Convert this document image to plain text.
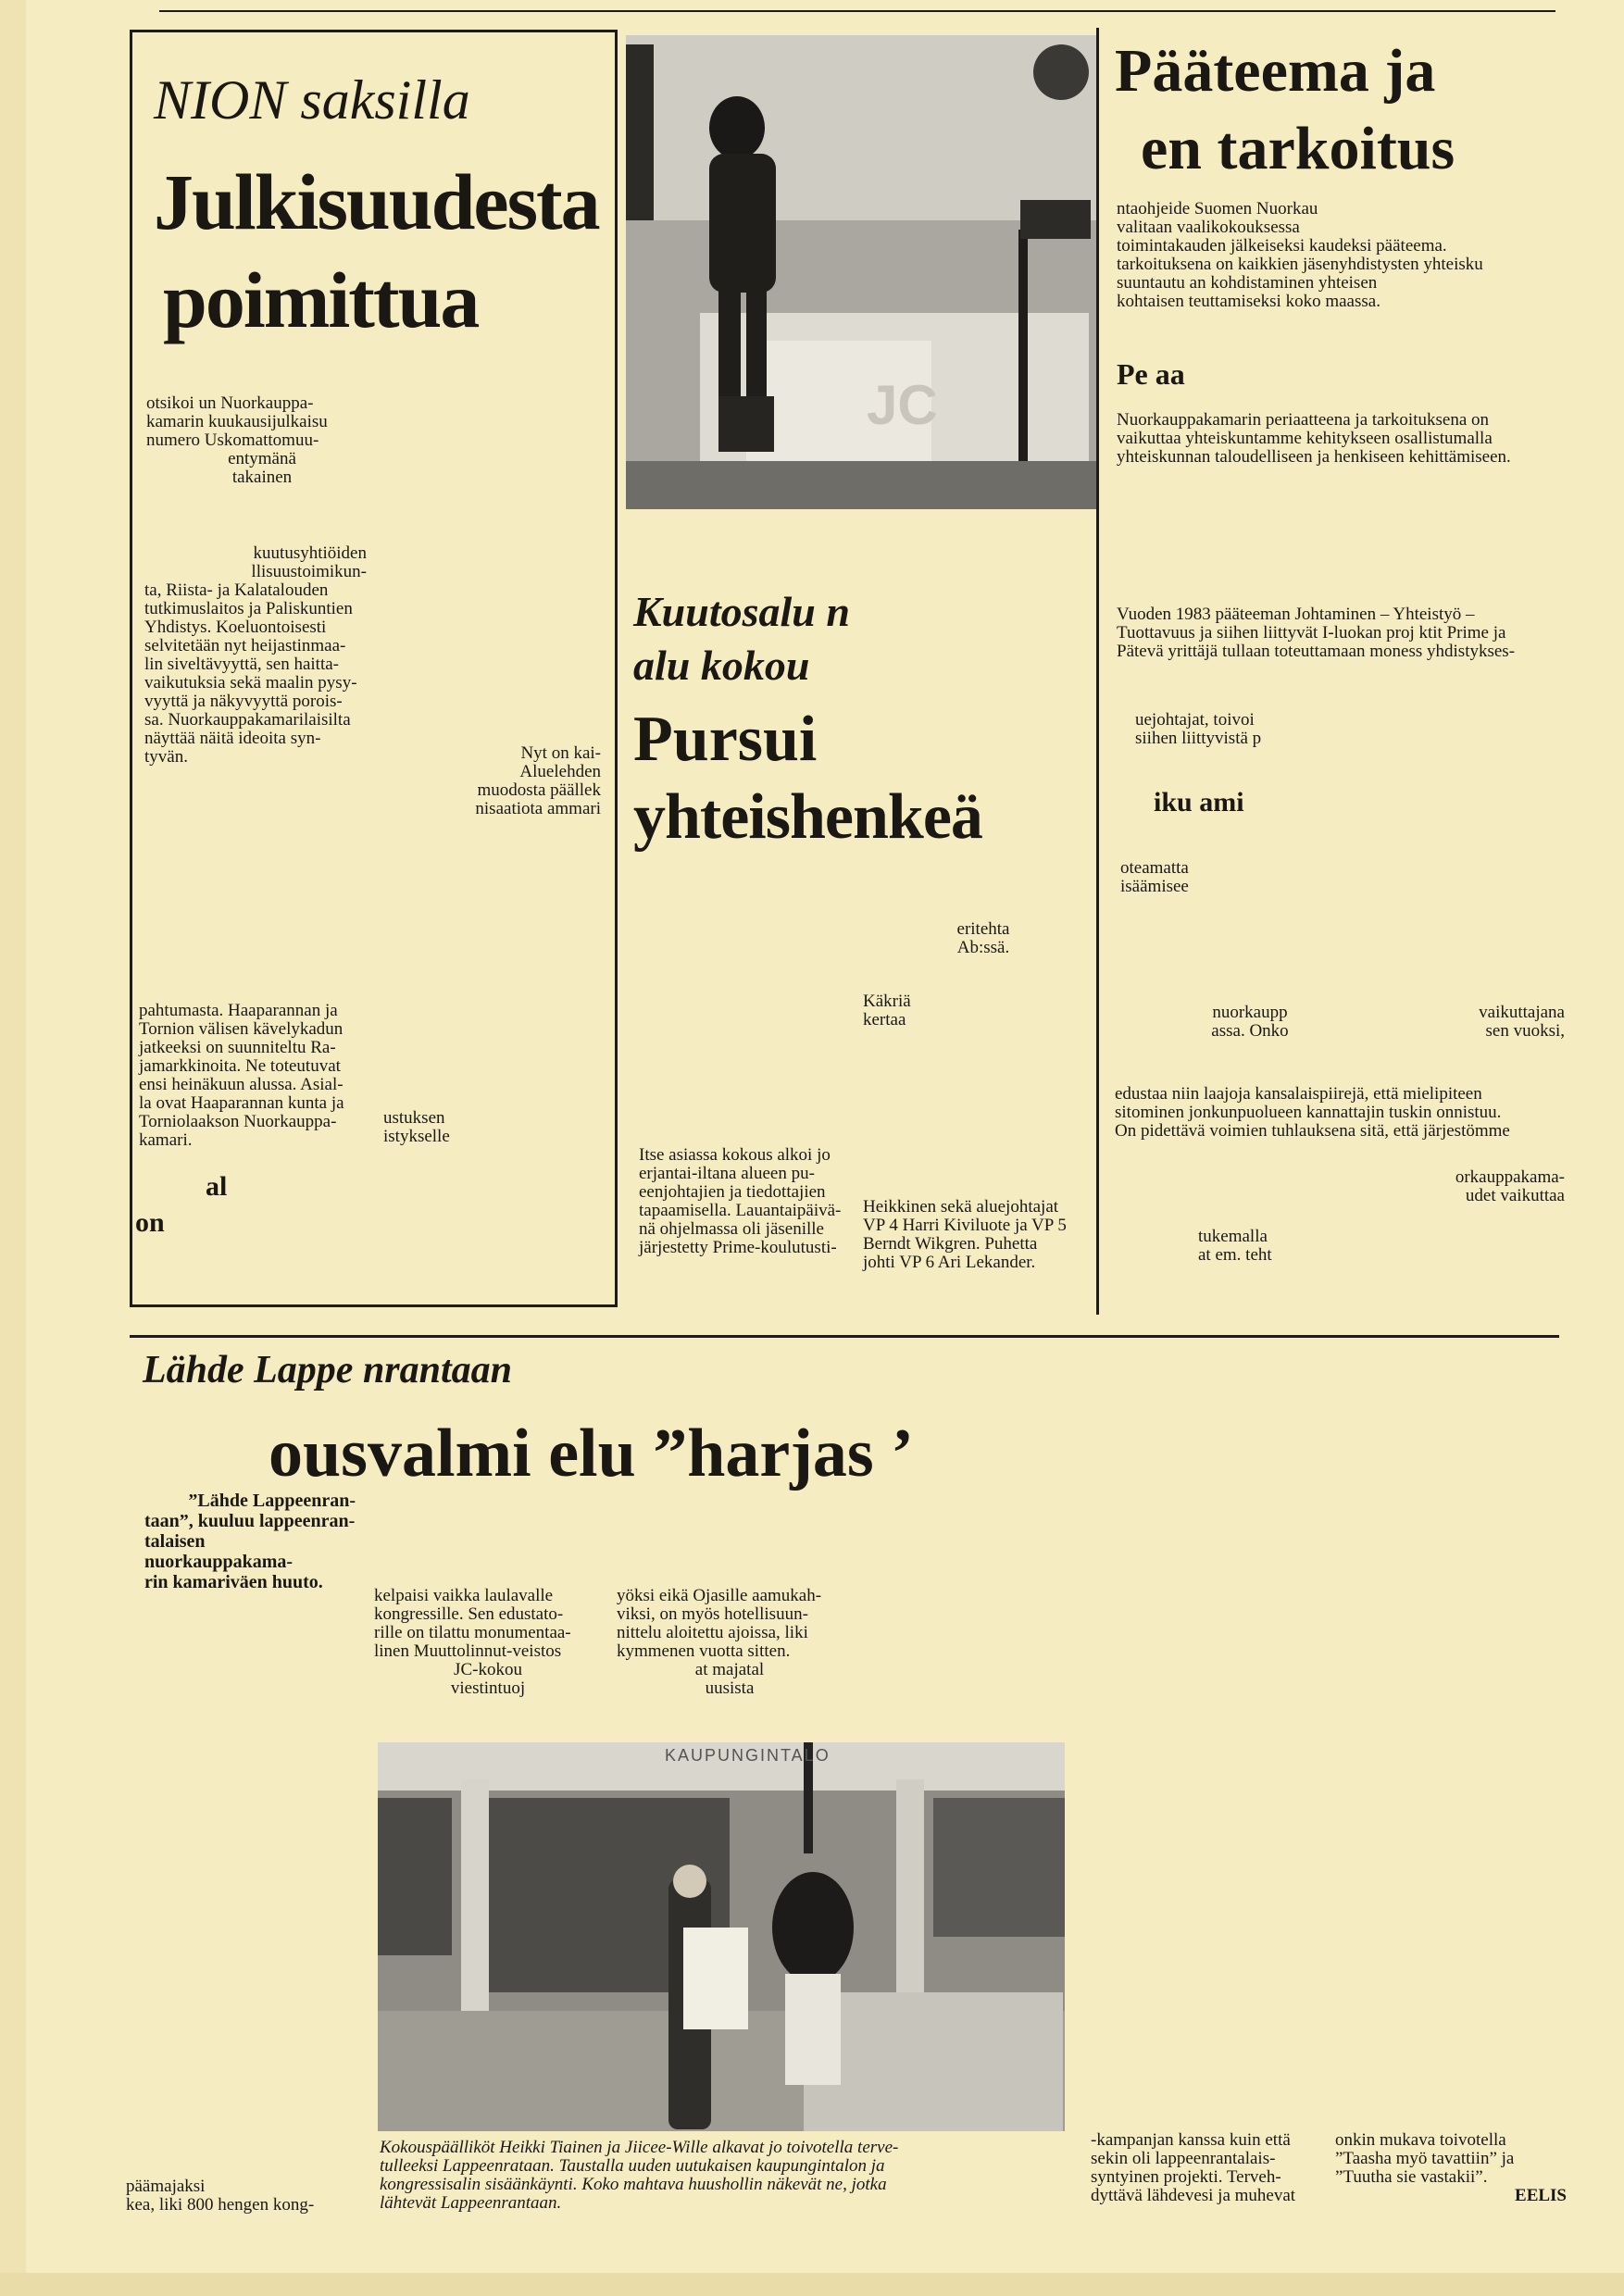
NION saksilla
Julkisuudesta
poimittua
otsikoi un Nuorkauppa-
kamarin kuukausijulkaisu
numero Uskomattomuu-
entymänä
takainen
kuutusyhtiöiden
llisuustoimikun-
ta, Riista- ja Kalatalouden
tutkimuslaitos ja Paliskuntien
Yhdistys. Koeluontoisesti
selvitetään nyt heijastinmaa-
lin siveltävyyttä, sen haitta-
vaikutuksia sekä maalin pysy-
vyyttä ja näkyvyyttä porois-
sa. Nuorkauppakamarilaisilta
näyttää näitä ideoita syn-
tyvän.	Nyt on kai-
Aluelehden
muodosta päällek
nisaatiota ammari
pahtumasta. Haaparannan ja
Tornion välisen kävelykadun
jatkeeksi on suunniteltu Ra-
jamarkkinoita. Ne toteutuvat
ensi heinäkuun alussa. Asial-
la ovat Haaparannan kunta ja
Torniolaakson Nuorkauppa-
kamari.
ustuksen
istykselle
al
on
JC
Kuutosalu n
alu kokou
Pursui
yhteishenkeä
eritehta
Ab:ssä.
Käkriä
kertaa
Itse asiassa kokous alkoi jo
erjantai-iltana alueen pu-
eenjohtajien ja tiedottajien
tapaamisella. Lauantaipäivä-
nä ohjelmassa oli jäsenille
järjestetty Prime-koulutusti-
Heikkinen sekä aluejohtajat
VP 4 Harri Kiviluote ja VP 5
Berndt Wikgren. Puhetta
johti VP 6 Ari Lekander.
Pääteema ja
en tarkoitus
ntaohjeide Suomen Nuorkau
valitaan vaalikokouksessa
toimintakauden jälkeiseksi kaudeksi pääteema.
tarkoituksena on kaikkien jäsenyhdistysten yhteisku
suuntautu an kohdistaminen yhteisen
kohtaisen teuttamiseksi koko maassa.
Pe aa
Nuorkauppakamarin periaatteena ja tarkoituksena on
vaikuttaa yhteiskuntamme kehitykseen osallistumalla
yhteiskunnan taloudelliseen ja henkiseen kehittämiseen.
Vuoden 1983 pääteeman Johtaminen – Yhteistyö –
Tuottavuus ja siihen liittyvät I-luokan proj ktit Prime ja
Pätevä yrittäjä tullaan toteuttamaan moness yhdistykses-
uejohtajat, toivoi
siihen liittyvistä p
iku ami
oteamatta
isäämisee
nuorkaupp
assa. Onko
vaikuttajana
sen vuoksi,
edustaa niin laajoja kansalaispiirejä, että mielipiteen
sitominen jonkunpuolueen kannattajin tuskin onnistuu.
On pidettävä voimien tuhlauksena sitä, että järjestömme
orkauppakama-
udet vaikuttaa
tukemalla
at em. teht
Lähde Lappe nrantaan
ousvalmi elu ”harjas ’
”Lähde Lappeenran-
taan”, kuuluu lappeenran-
talaisen nuorkauppakama-
rin kamariväen huuto.
kelpaisi vaikka laulavalle
kongressille. Sen edustato-
rille on tilattu monumentaa-
linen Muuttolinnut-veistos
JC-kokou
viestintuoj
yöksi eikä Ojasille aamukah-
viksi, on myös hotellisuun-
nittelu aloitettu ajoissa, liki
kymmenen vuotta sitten.
at majatal
uusista
KAUPUNGINTALO
Kokouspäälliköt Heikki Tiainen ja Jiicee-Wille alkavat jo toivotella terve-
tulleeksi Lappeenrataan. Taustalla uuden uutukaisen kaupungintalon ja
kongressisalin sisäänkäynti. Koko mahtava huushollin näkevät ne, jotka
lähtevät Lappeenrantaan.
päämajaksi
kea, liki 800 hengen kong-
-kampanjan kanssa kuin että
sekin oli lappeenrantalais-
syntyinen projekti. Terveh-
dyttävä lähdevesi ja muhevat
onkin mukava toivotella
”Taasha myö tavattiin” ja
”Tuutha sie vastakii”.
EELIS
